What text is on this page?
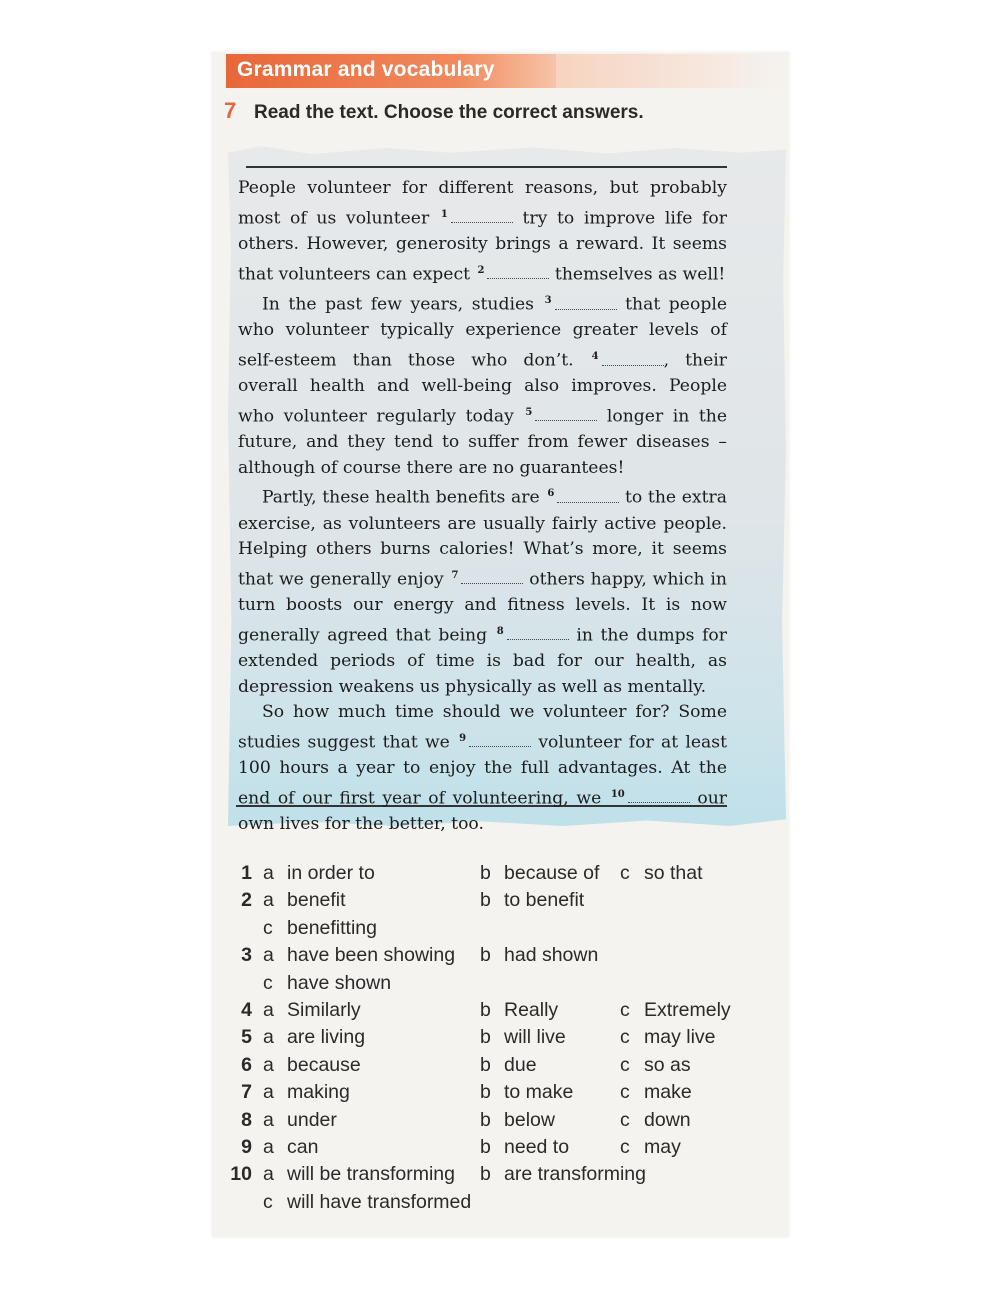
Grammar and vocabulary
7 Read the text. Choose the correct answers.

People volunteer for different reasons, but probably most of us volunteer $^1$	try to improve life for others. However, generosity brings a reward. It seems that volunteers can expect $^2$	themselves as well!

In the past few years, studies $^3$	that people who volunteer typically experience greater levels of self-esteem than those who don’t. $^4$	, their overall health and well-being also improves. People who volunteer regularly today $^5$	longer in the future, and they tend to suffer from fewer diseases – although of course there are no guarantees!

Partly, these health benefits are $^6$	to the extra exercise, as volunteers are usually fairly active people. Helping others burns calories! What’s more, it seems that we generally enjoy $^7$	others happy, which in turn boosts our energy and fitness levels. It is now generally agreed that being $^8$	in the dumps for extended periods of time is bad for our health, as depression weakens us physically as well as mentally.

So how much time should we volunteer for? Some studies suggest that we $^9$	volunteer for at least 100 hours a year to enjoy the full advantages. At the end of our first year of volunteering, we $^{10}$	our own lives for the better, too.

1 a in order to	b because of c so that
2 a benefit	b to benefit
c benefitting
3 a have been showing b had shown
c have shown
4 a Similarly	b Really	c Extremely
5 a are living	b will live	c may live
6 a because	b due	c so as
7 a making	b to make c make
8 a under	b below	c down
9 a can	b need to	c may
10 a will be transforming b are transforming
c will have transformed
